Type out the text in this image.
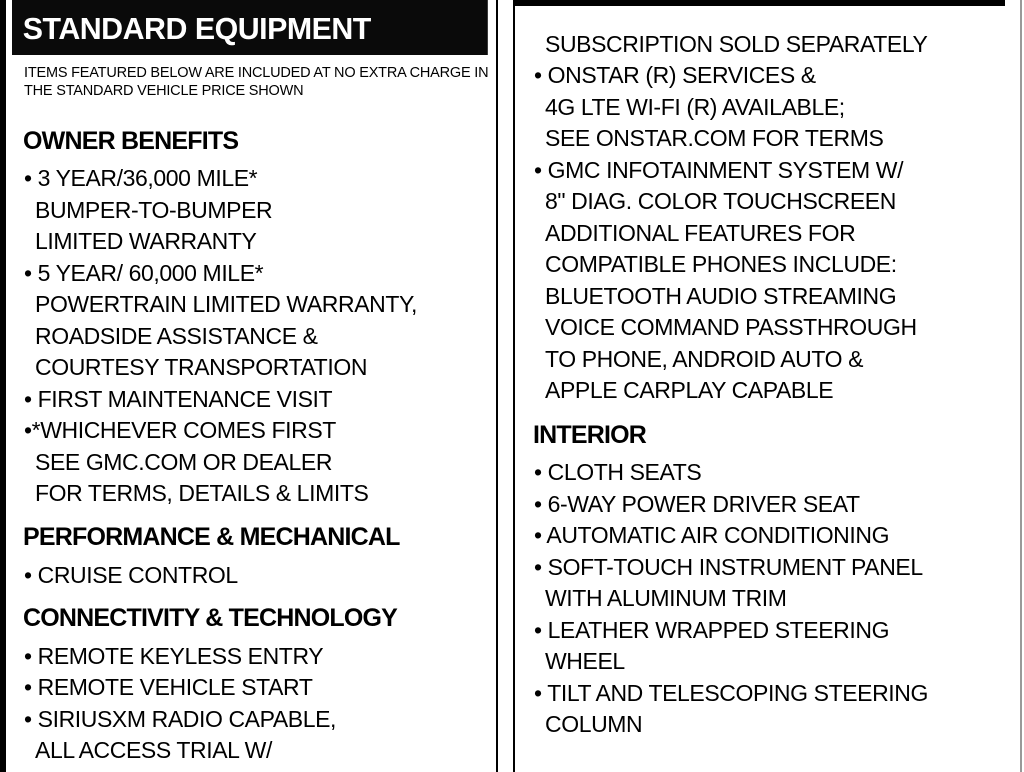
STANDARD EQUIPMENT
ITEMS FEATURED BELOW ARE INCLUDED AT NO EXTRA CHARGE IN
THE STANDARD VEHICLE PRICE SHOWN
OWNER BENEFITS
• 3 YEAR/36,000 MILE*
BUMPER-TO-BUMPER
LIMITED WARRANTY
• 5 YEAR/ 60,000 MILE*
POWERTRAIN LIMITED WARRANTY,
ROADSIDE ASSISTANCE &
COURTESY TRANSPORTATION
• FIRST MAINTENANCE VISIT
•*WHICHEVER COMES FIRST
SEE GMC.COM OR DEALER
FOR TERMS, DETAILS & LIMITS
PERFORMANCE & MECHANICAL
• CRUISE CONTROL
CONNECTIVITY & TECHNOLOGY
• REMOTE KEYLESS ENTRY
• REMOTE VEHICLE START
• SIRIUSXM RADIO CAPABLE,
ALL ACCESS TRIAL W/
SUBSCRIPTION SOLD SEPARATELY
• ONSTAR (R) SERVICES &
4G LTE WI-FI (R) AVAILABLE;
SEE ONSTAR.COM FOR TERMS
• GMC INFOTAINMENT SYSTEM W/
8" DIAG. COLOR TOUCHSCREEN
ADDITIONAL FEATURES FOR
COMPATIBLE PHONES INCLUDE:
BLUETOOTH AUDIO STREAMING
VOICE COMMAND PASSTHROUGH
TO PHONE, ANDROID AUTO &
APPLE CARPLAY CAPABLE
INTERIOR
• CLOTH SEATS
• 6-WAY POWER DRIVER SEAT
• AUTOMATIC AIR CONDITIONING
• SOFT-TOUCH INSTRUMENT PANEL
WITH ALUMINUM TRIM
• LEATHER WRAPPED STEERING
WHEEL
• TILT AND TELESCOPING STEERING
COLUMN
